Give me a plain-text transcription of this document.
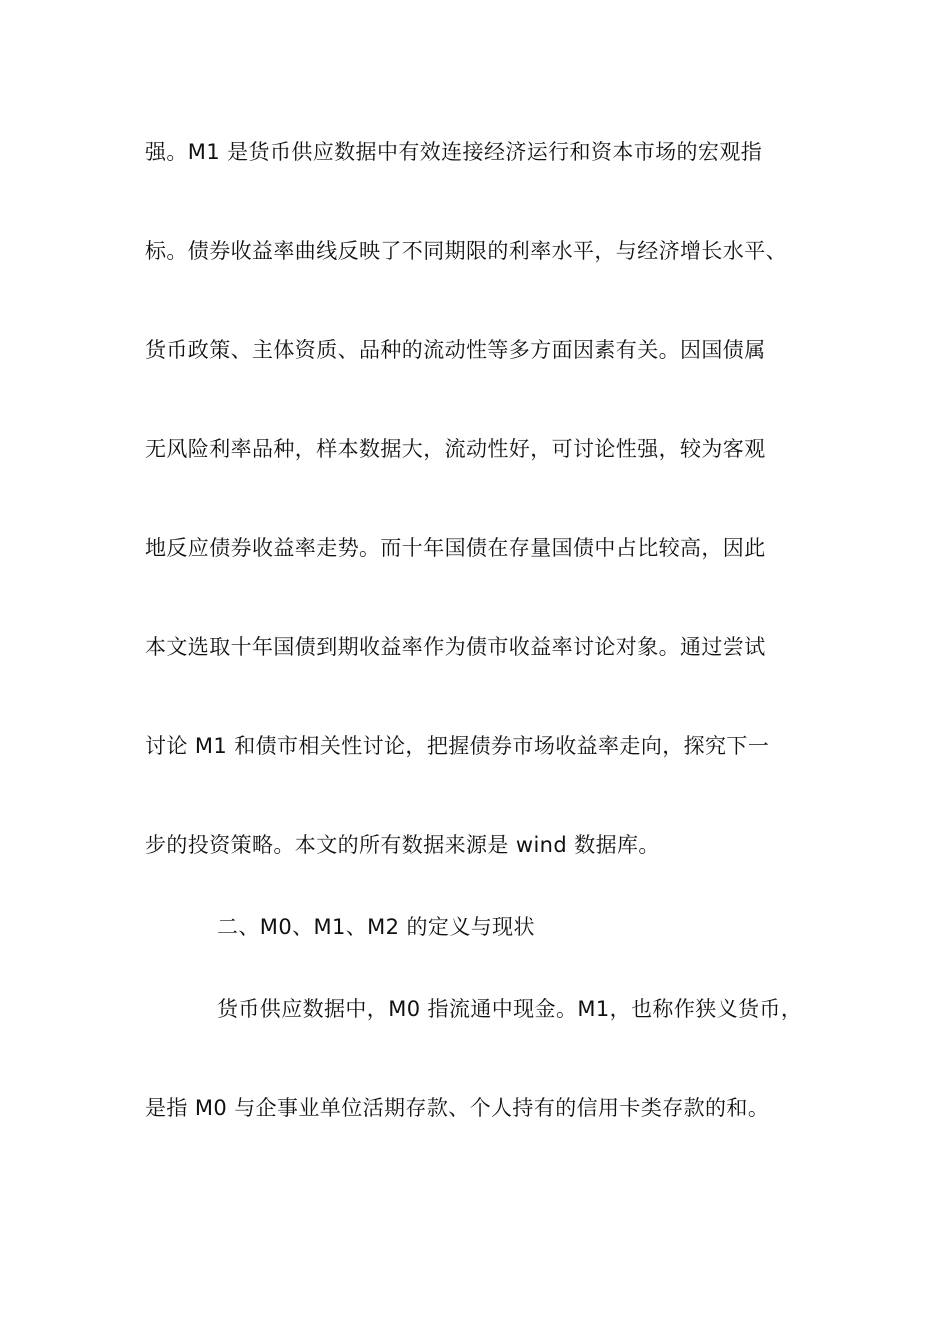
强。M1 是货币供应数据中有效连接经济运行和资本市场的宏观指
标。债券收益率曲线反映了不同期限的利率水平，与经济增长水平、
货币政策、主体资质、品种的流动性等多方面因素有关。因国债属
无风险利率品种，样本数据大，流动性好，可讨论性强，较为客观
地反应债券收益率走势。而十年国债在存量国债中占比较高，因此
本文选取十年国债到期收益率作为债市收益率讨论对象。通过尝试
讨论 M1 和债市相关性讨论，把握债券市场收益率走向，探究下一
步的投资策略。本文的所有数据来源是 wind 数据库。
二、M0、M1、M2 的定义与现状
货币供应数据中，M0 指流通中现金。M1，也称作狭义货币，
是指 M0 与企事业单位活期存款、个人持有的信用卡类存款的和。
